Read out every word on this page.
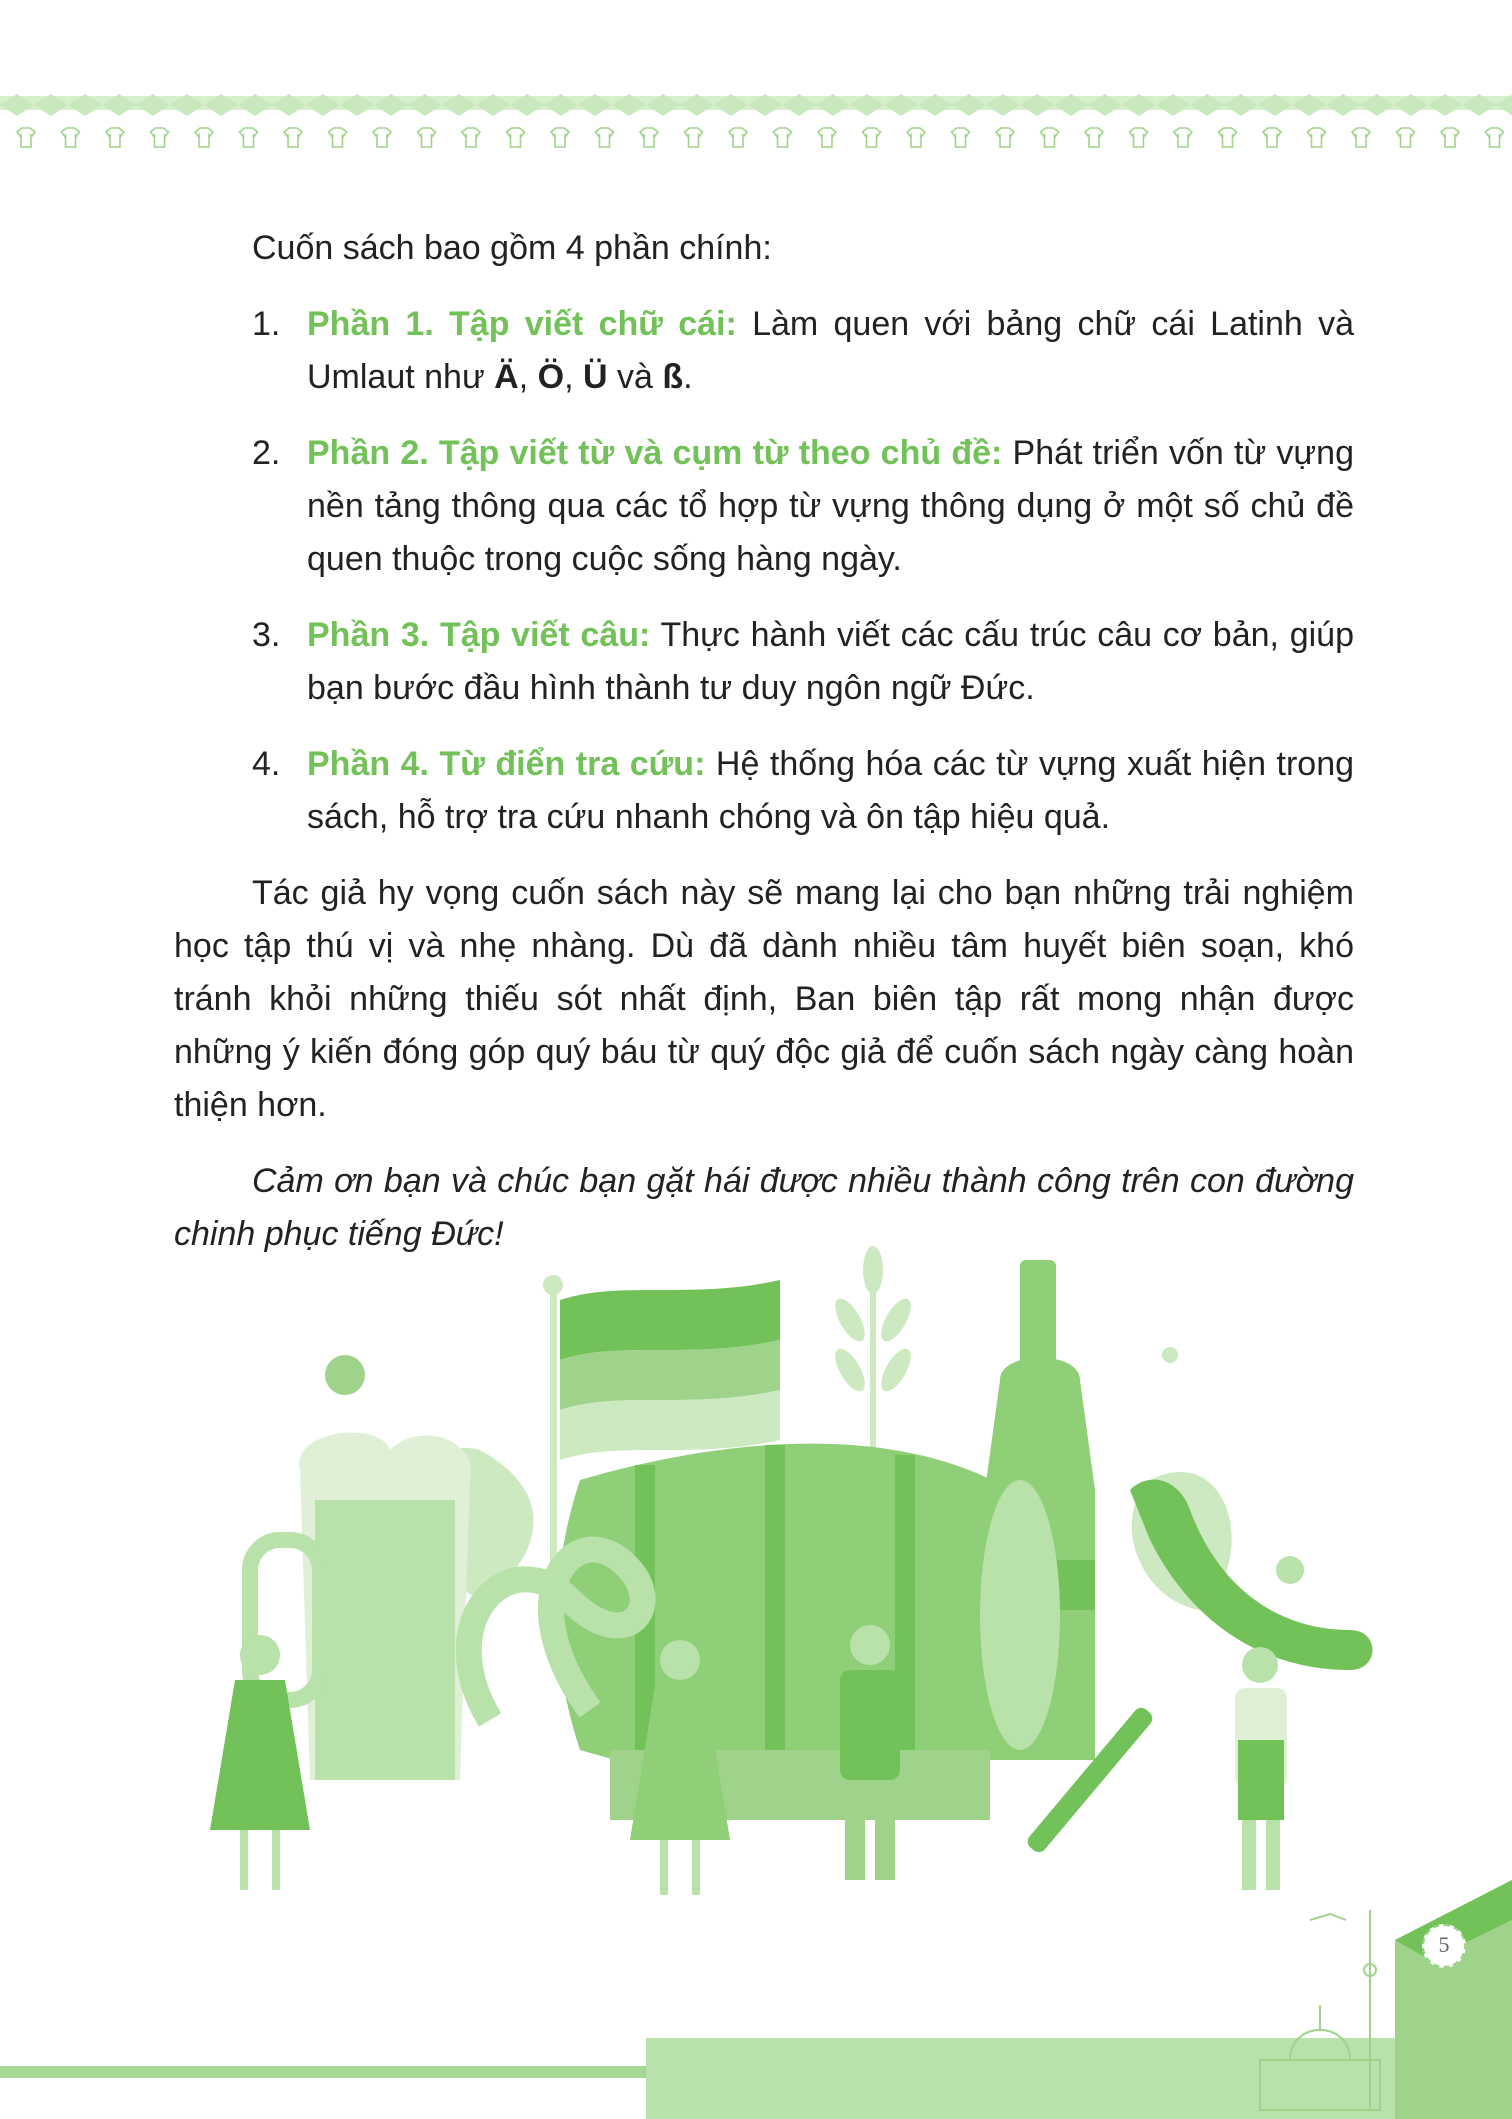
Cuốn sách bao gồm 4 phần chính:

1. Phần 1. Tập viết chữ cái: Làm quen với bảng chữ cái Latinh và Umlaut như Ä, Ö, Ü và ß.
2. Phần 2. Tập viết từ và cụm từ theo chủ đề: Phát triển vốn từ vựng nền tảng thông qua các tổ hợp từ vựng thông dụng ở một số chủ đề quen thuộc trong cuộc sống hàng ngày.
3. Phần 3. Tập viết câu: Thực hành viết các cấu trúc câu cơ bản, giúp bạn bước đầu hình thành tư duy ngôn ngữ Đức.
4. Phần 4. Từ điển tra cứu: Hệ thống hóa các từ vựng xuất hiện trong sách, hỗ trợ tra cứu nhanh chóng và ôn tập hiệu quả.

Tác giả hy vọng cuốn sách này sẽ mang lại cho bạn những trải nghiệm học tập thú vị và nhẹ nhàng. Dù đã dành nhiều tâm huyết biên soạn, khó tránh khỏi những thiếu sót nhất định, Ban biên tập rất mong nhận được những ý kiến đóng góp quý báu từ quý độc giả để cuốn sách ngày càng hoàn thiện hơn.

Cảm ơn bạn và chúc bạn gặt hái được nhiều thành công trên con đường chinh phục tiếng Đức!

5
